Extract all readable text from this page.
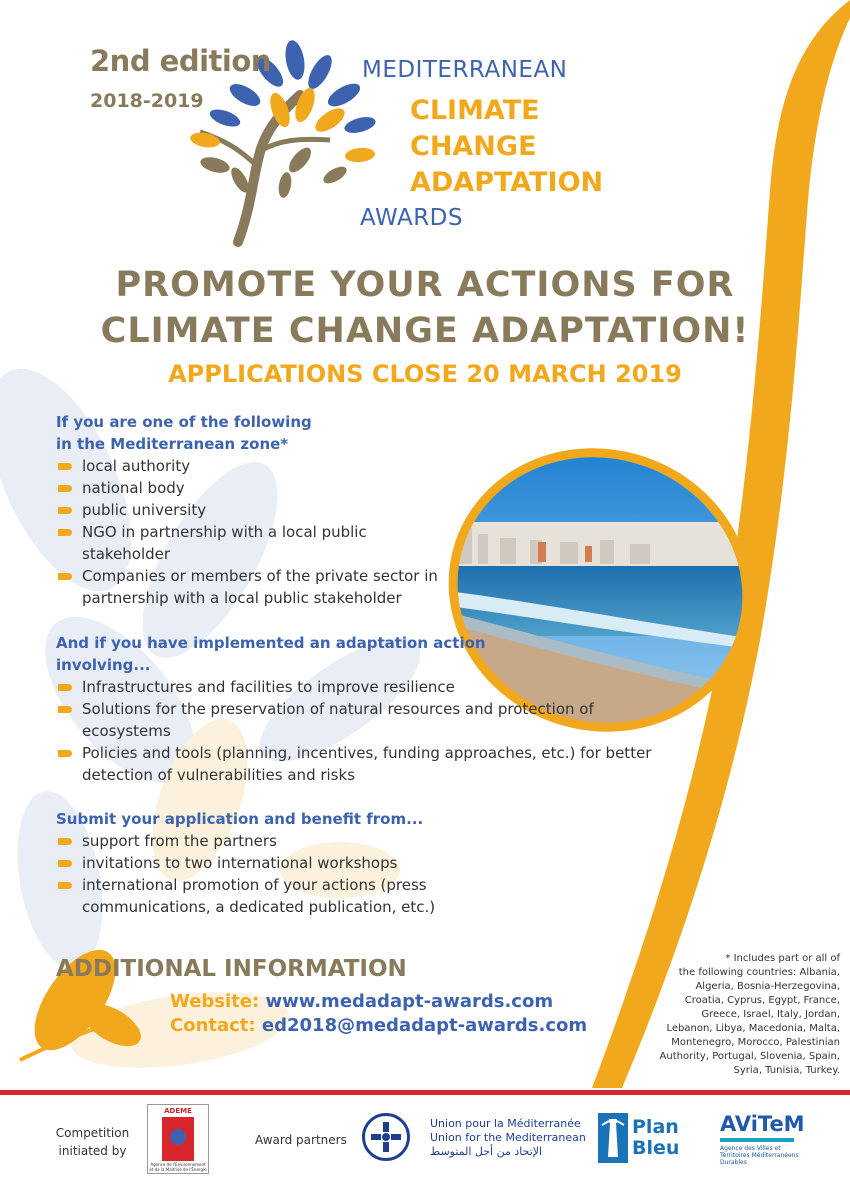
2nd edition
2018-2019
MEDITERRANEAN
CLIMATE
CHANGE
ADAPTATION
AWARDS
PROMOTE YOUR ACTIONS FOR
CLIMATE CHANGE ADAPTATION!
APPLICATIONS CLOSE 20 MARCH 2019
If you are one of the following
in the Mediterranean zone*
local authority
national body
public university
NGO in partnership with a local public stakeholder
Companies or members of the private sector in partnership with a local public stakeholder
And if you have implemented an adaptation action
involving...
Infrastructures and facilities to improve resilience
Solutions for the preservation of natural resources and protection of ecosystems
Policies and tools (planning, incentives, funding approaches, etc.) for better detection of vulnerabilities and risks
Submit your application and benefit from...
support from the partners
invitations to two international workshops
international promotion of your actions (press communications, a dedicated publication, etc.)
ADDITIONAL INFORMATION
Website: www.medadapt-awards.com
Contact: ed2018@medadapt-awards.com
* Includes part or all of
the following countries: Albania,
Algeria, Bosnia-Herzegovina,
Croatia, Cyprus, Egypt, France,
Greece, Israel, Italy, Jordan,
Lebanon, Libya, Macedonia, Malta,
Montenegro, Morocco, Palestinian
Authority, Portugal, Slovenia, Spain,
Syria, Tunisia, Turkey.
Competition
initiated by
ADEME
Agence de l'Environnement et de la Maîtrise de l'Énergie
Award partners
Union pour la Méditerranée
Union for the Mediterranean
الإتحاد من أجل المتوسط
Plan
Bleu
AViTeM
Agence des Villes et Territoires Méditerranéens Durables
